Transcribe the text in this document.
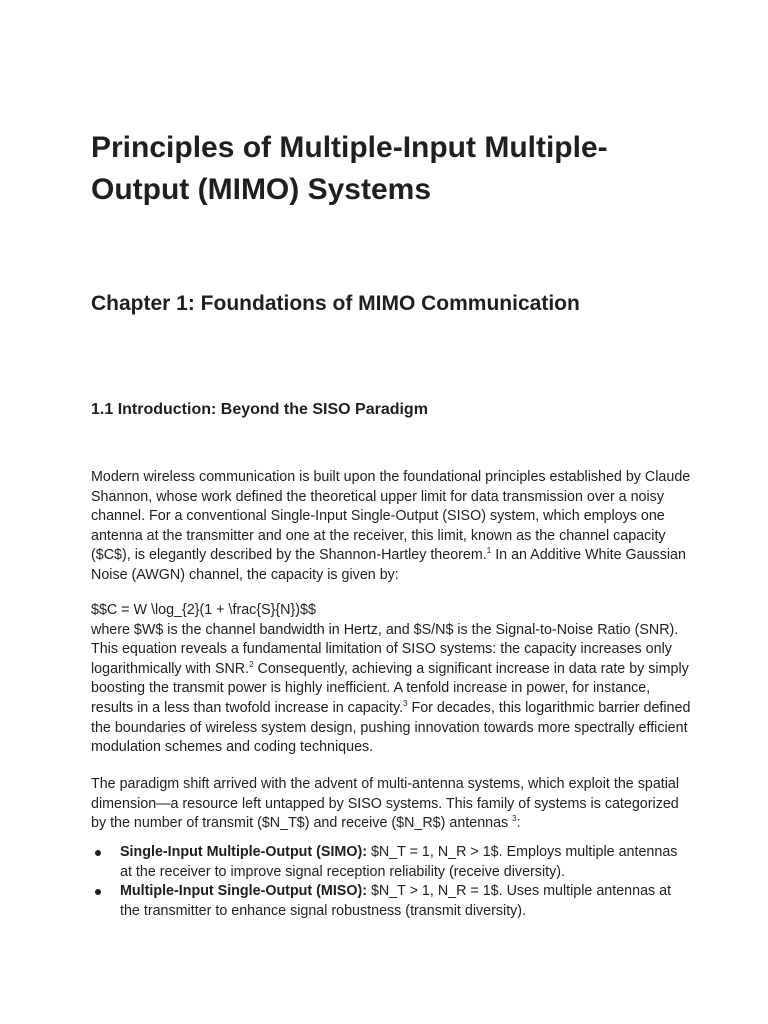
Principles of Multiple-Input Multiple-Output (MIMO) Systems
Chapter 1: Foundations of MIMO Communication
1.1 Introduction: Beyond the SISO Paradigm

Modern wireless communication is built upon the foundational principles established by Claude Shannon, whose work defined the theoretical upper limit for data transmission over a noisy channel. For a conventional Single-Input Single-Output (SISO) system, which employs one antenna at the transmitter and one at the receiver, this limit, known as the channel capacity ($C$), is elegantly described by the Shannon-Hartley theorem.$^1$ In an Additive White Gaussian Noise (AWGN) channel, the capacity is given by:

$$C = W \log_{2}(1 + \frac{S}{N})$$
where $W$ is the channel bandwidth in Hertz, and $S/N$ is the Signal-to-Noise Ratio (SNR). This equation reveals a fundamental limitation of SISO systems: the capacity increases only logarithmically with SNR.$^2$ Consequently, achieving a significant increase in data rate by simply boosting the transmit power is highly inefficient. A tenfold increase in power, for instance, results in a less than twofold increase in capacity.$^3$ For decades, this logarithmic barrier defined the boundaries of wireless system design, pushing innovation towards more spectrally efficient modulation schemes and coding techniques.

The paradigm shift arrived with the advent of multi-antenna systems, which exploit the spatial dimension—a resource left untapped by SISO systems. This family of systems is categorized by the number of transmit ($N_T$) and receive ($N_R$) antennas $^3$:

Single-Input Multiple-Output (SIMO): $N_T = 1, N_R > 1$. Employs multiple antennas at the receiver to improve signal reception reliability (receive diversity).
Multiple-Input Single-Output (MISO): $N_T > 1, N_R = 1$. Uses multiple antennas at the transmitter to enhance signal robustness (transmit diversity).
